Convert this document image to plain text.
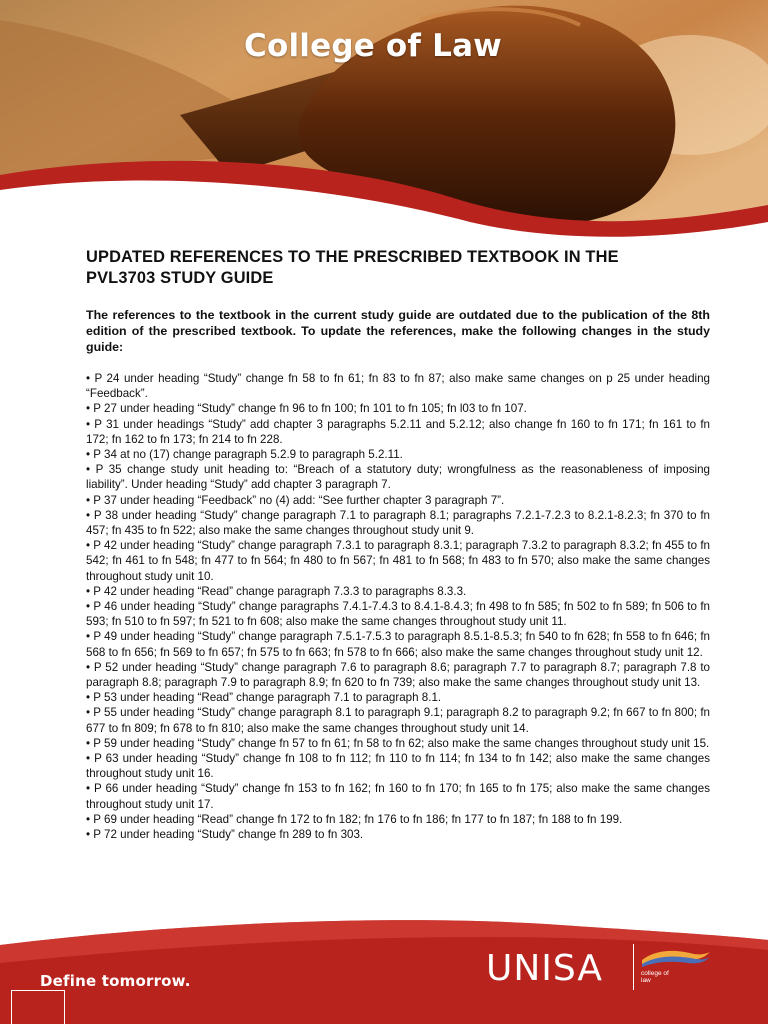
College of Law
UPDATED REFERENCES TO THE PRESCRIBED TEXTBOOK IN THE
PVL3703 STUDY GUIDE

The references to the textbook in the current study guide are outdated due to the publication of the 8th edition of the prescribed textbook. To update the references, make the following changes in the study guide:

• P 24 under heading “Study” change fn 58 to fn 61; fn 83 to fn 87; also make same changes on p 25 under heading “Feedback”.
• P 27 under heading “Study” change fn 96 to fn 100; fn 101 to fn 105; fn l03 to fn 107.
• P 31 under headings “Study” add chapter 3 paragraphs 5.2.11 and 5.2.12; also change fn 160 to fn 171; fn 161 to fn 172; fn 162 to fn 173; fn 214 to fn 228.
• P 34 at no (17) change paragraph 5.2.9 to paragraph 5.2.11.
• P 35 change study unit heading to: “Breach of a statutory duty; wrongfulness as the reasonableness of imposing liability”. Under heading “Study” add chapter 3 paragraph 7.
• P 37 under heading “Feedback” no (4) add: “See further chapter 3 paragraph 7”.
• P 38 under heading “Study” change paragraph 7.1 to paragraph 8.1; paragraphs 7.2.1-7.2.3 to 8.2.1-8.2.3; fn 370 to fn 457; fn 435 to fn 522; also make the same changes throughout study unit 9.
• P 42 under heading “Study” change paragraph 7.3.1 to paragraph 8.3.1; paragraph 7.3.2 to paragraph 8.3.2; fn 455 to fn 542; fn 461 to fn 548; fn 477 to fn 564; fn 480 to fn 567; fn 481 to fn 568; fn 483 to fn 570; also make the same changes throughout study unit 10.
• P 42 under heading “Read” change paragraph 7.3.3 to paragraphs 8.3.3.
• P 46 under heading “Study” change paragraphs 7.4.1-7.4.3 to 8.4.1-8.4.3; fn 498 to fn 585; fn 502 to fn 589; fn 506 to fn 593; fn 510 to fn 597; fn 521 to fn 608; also make the same changes throughout study unit 11.
• P 49 under heading “Study” change paragraph 7.5.1-7.5.3 to paragraph 8.5.1-8.5.3; fn 540 to fn 628; fn 558 to fn 646; fn 568 to fn 656; fn 569 to fn 657; fn 575 to fn 663; fn 578 to fn 666; also make the same changes throughout study unit 12.
• P 52 under heading “Study” change paragraph 7.6 to paragraph 8.6; paragraph 7.7 to paragraph 8.7; paragraph 7.8 to paragraph 8.8; paragraph 7.9 to paragraph 8.9; fn 620 to fn 739; also make the same changes throughout study unit 13.
• P 53 under heading “Read” change paragraph 7.1 to paragraph 8.1.
• P 55 under heading “Study” change paragraph 8.1 to paragraph 9.1; paragraph 8.2 to paragraph 9.2; fn 667 to fn 800; fn 677 to fn 809; fn 678 to fn 810; also make the same changes throughout study unit 14.
• P 59 under heading “Study” change fn 57 to fn 61; fn 58 to fn 62; also make the same changes throughout study unit 15.
• P 63 under heading “Study” change fn 108 to fn 112; fn 110 to fn 114; fn 134 to fn 142; also make the same changes throughout study unit 16.
• P 66 under heading “Study” change fn 153 to fn 162; fn 160 to fn 170; fn 165 to fn 175; also make the same changes throughout study unit 17.
• P 69 under heading “Read” change fn 172 to fn 182; fn 176 to fn 186; fn 177 to fn 187; fn 188 to fn 199.
• P 72 under heading “Study” change fn 289 to fn 303.
Define tomorrow.	UNISA	college of
law
